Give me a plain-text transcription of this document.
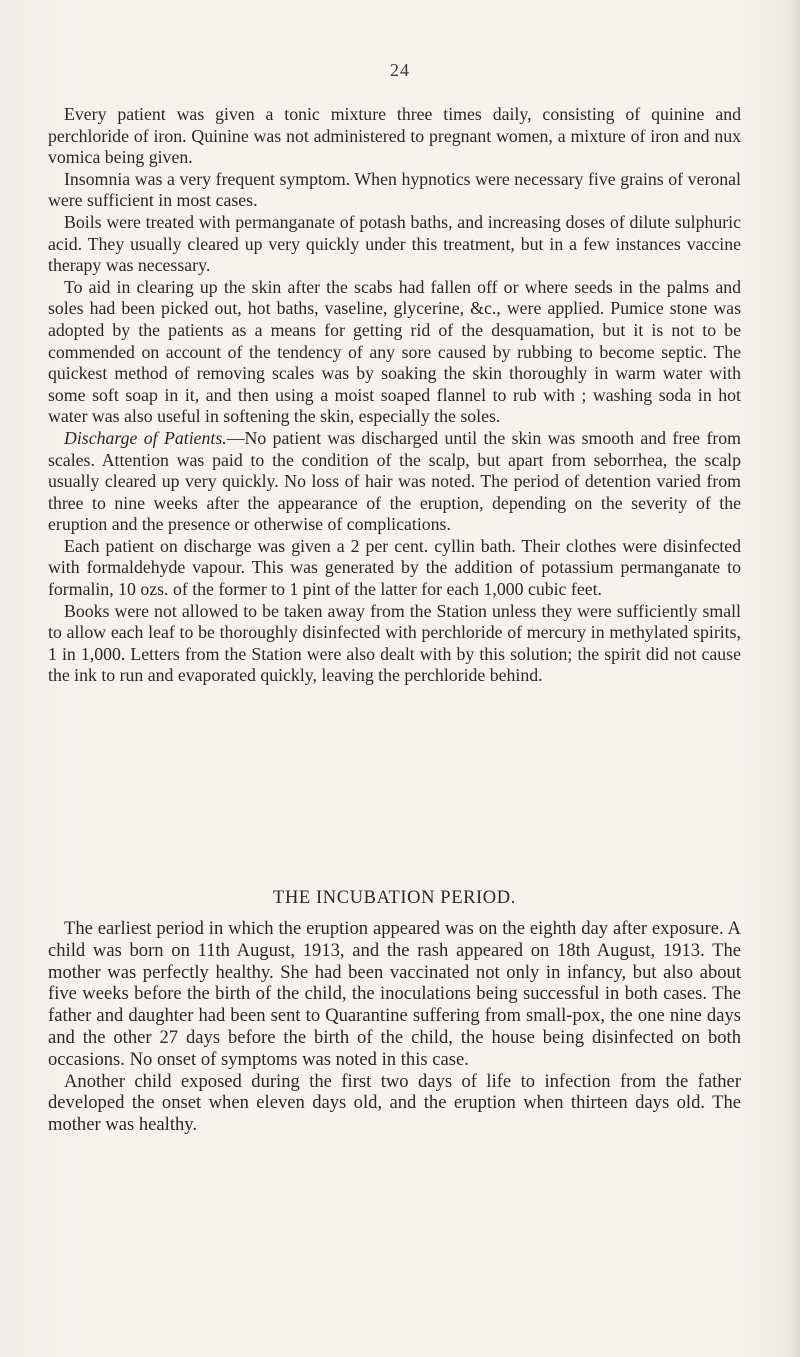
24

Every patient was given a tonic mixture three times daily, consisting of quinine and perchloride of iron. Quinine was not administered to pregnant women, a mixture of iron and nux vomica being given.

Insomnia was a very frequent symptom. When hypnotics were necessary five grains of veronal were sufficient in most cases.

Boils were treated with permanganate of potash baths, and increasing doses of dilute sulphuric acid. They usually cleared up very quickly under this treatment, but in a few instances vaccine therapy was necessary.

To aid in clearing up the skin after the scabs had fallen off or where seeds in the palms and soles had been picked out, hot baths, vaseline, glycerine, &c., were applied. Pumice stone was adopted by the patients as a means for getting rid of the desquamation, but it is not to be commended on account of the tendency of any sore caused by rubbing to become septic. The quickest method of removing scales was by soaking the skin thoroughly in warm water with some soft soap in it, and then using a moist soaped flannel to rub with ; washing soda in hot water was also useful in softening the skin, especially the soles.

Discharge of Patients.—No patient was discharged until the skin was smooth and free from scales. Attention was paid to the condition of the scalp, but apart from seborrhea, the scalp usually cleared up very quickly. No loss of hair was noted. The period of detention varied from three to nine weeks after the appearance of the eruption, depending on the severity of the eruption and the presence or otherwise of complications.

Each patient on discharge was given a 2 per cent. cyllin bath. Their clothes were disinfected with formaldehyde vapour. This was generated by the addition of potassium permanganate to formalin, 10 ozs. of the former to 1 pint of the latter for each 1,000 cubic feet.

Books were not allowed to be taken away from the Station unless they were sufficiently small to allow each leaf to be thoroughly disinfected with perchloride of mercury in methylated spirits, 1 in 1,000. Letters from the Station were also dealt with by this solution; the spirit did not cause the ink to run and evaporated quickly, leaving the perchloride behind.

THE INCUBATION PERIOD.

The earliest period in which the eruption appeared was on the eighth day after exposure. A child was born on 11th August, 1913, and the rash appeared on 18th August, 1913. The mother was perfectly healthy. She had been vaccinated not only in infancy, but also about five weeks before the birth of the child, the inoculations being successful in both cases. The father and daughter had been sent to Quarantine suffering from small-pox, the one nine days and the other 27 days before the birth of the child, the house being disinfected on both occasions. No onset of symptoms was noted in this case.

Another child exposed during the first two days of life to infection from the father developed the onset when eleven days old, and the eruption when thirteen days old. The mother was healthy.
